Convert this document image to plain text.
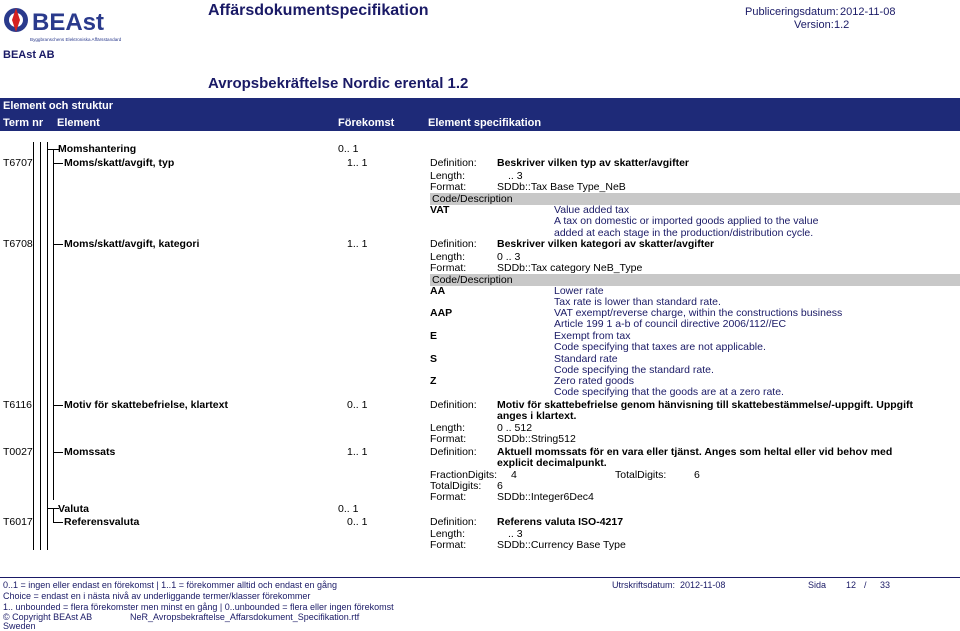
BEAst
Byggbranschens Elektroniska Affärsstandard
Affärsdokumentspecifikation	Publiceringsdatum: 2012-11-08
Version: 1.2
BEAst AB
Avropsbekräftelse Nordic erental 1.2
Element och struktur
Term nr Element	Förekomst	Element specifikation
Momshantering	0.. 1
T6707	Moms/skatt/avgift, typ	1.. 1	Definition: Beskriver vilken typ av skatter/avgifter
Length:	.. 3
Format:	SDDb::Tax Base Type_NeB
Code/Description
VAT	Value added tax
A tax on domestic or imported goods applied to the value
added at each stage in the production/distribution cycle.
T6708	Moms/skatt/avgift, kategori	1.. 1	Definition: Beskriver vilken kategori av skatter/avgifter
Length:	0 .. 3
Format:	SDDb::Tax category NeB_Type
Code/Description
AA	Lower rate
Tax rate is lower than standard rate.
AAP	VAT exempt/reverse charge, within the constructions business
Article 199 1 a-b of council directive 2006/112//EC
E	Exempt from tax
Code specifying that taxes are not applicable.
S	Standard rate
Code specifying the standard rate.
Z	Zero rated goods
Code specifying that the goods are at a zero rate.
T6116	Motiv för skattebefrielse, klartext	0.. 1	Definition: Motiv för skattebefrielse genom hänvisning till skattebestämmelse/-uppgift. Uppgift
anges i klartext.
Length:	0 .. 512
Format:	SDDb::String512
T0027	Momssats	1.. 1	Definition: Aktuell momssats för en vara eller tjänst. Anges som heltal eller vid behov med
explicit decimalpunkt.
FractionDigits: 4	TotalDigits:	6
TotalDigits: 6
Format:	SDDb::Integer6Dec4
Valuta	0.. 1
T6017	Referensvaluta	0.. 1	Definition: Referens valuta ISO-4217
Length:	.. 3
Format:	SDDb::Currency Base Type
0..1 = ingen eller endast en förekomst | 1..1 = förekommer alltid och endast en gång
Choice = endast en i nästa nivå av underliggande termer/klasser förekommer
1.. unbounded = flera förekomster men minst en gång | 0..unbounded = flera eller ingen förekomst
© Copyright BEAst AB	NeR_Avropsbekraftelse_Affarsdokument_Specifikation.rtf
Sweden
Utrskriftsdatum: 2012-11-08	Sida 12 / 33
